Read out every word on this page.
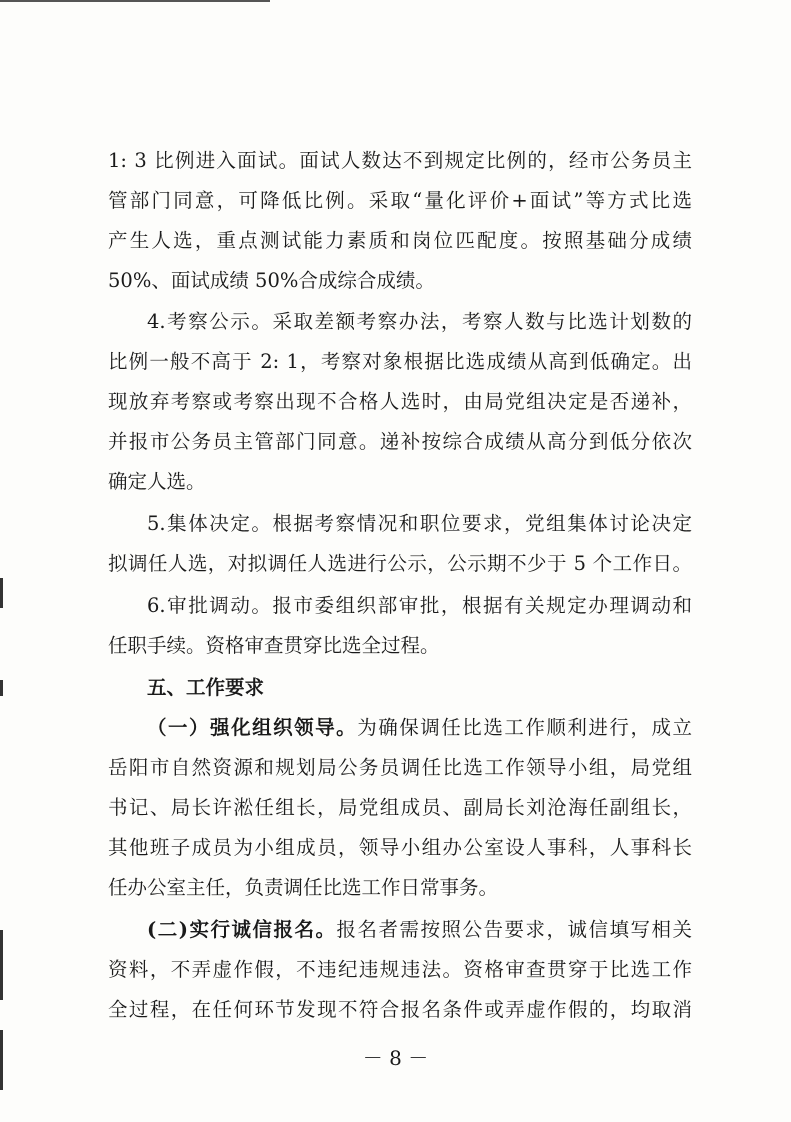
1: 3 比例进入面试。面试人数达不到规定比例的，经市公务员主
管部门同意，可降低比例。采取“量化评价+面试”等方式比选
产生人选，重点测试能力素质和岗位匹配度。按照基础分成绩
50%、面试成绩 50%合成综合成绩。
4.考察公示。采取差额考察办法，考察人数与比选计划数的
比例一般不高于 2: 1，考察对象根据比选成绩从高到低确定。出
现放弃考察或考察出现不合格人选时，由局党组决定是否递补，
并报市公务员主管部门同意。递补按综合成绩从高分到低分依次
确定人选。
5.集体决定。根据考察情况和职位要求，党组集体讨论决定
拟调任人选，对拟调任人选进行公示，公示期不少于 5 个工作日。
6.审批调动。报市委组织部审批，根据有关规定办理调动和
任职手续。资格审查贯穿比选全过程。
五、工作要求
（一）强化组织领导。为确保调任比选工作顺利进行，成立
岳阳市自然资源和规划局公务员调任比选工作领导小组，局党组
书记、局长许淞任组长，局党组成员、副局长刘沧海任副组长，
其他班子成员为小组成员，领导小组办公室设人事科，人事科长
任办公室主任，负责调任比选工作日常事务。
(二)实行诚信报名。报名者需按照公告要求，诚信填写相关
资料，不弄虚作假，不违纪违规违法。资格审查贯穿于比选工作
全过程，在任何环节发现不符合报名条件或弄虚作假的，均取消
－ 8 －
